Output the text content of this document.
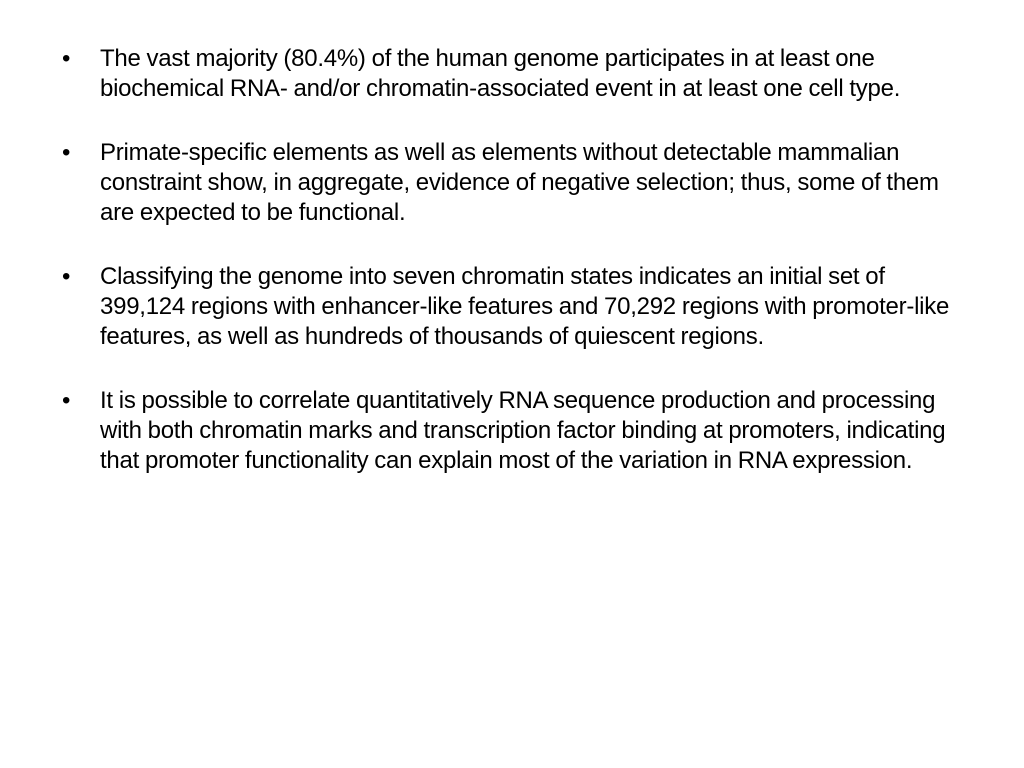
•	The vast majority (80.4%) of the human genome participates in at least one biochemical RNA- and/or chromatin-associated event in at least one cell type.
•	Primate-specific elements as well as elements without detectable mammalian constraint show, in aggregate, evidence of negative selection; thus, some of them are expected to be functional.
•	Classifying the genome into seven chromatin states indicates an initial set of 399,124 regions with enhancer-like features and 70,292 regions with promoter-like features, as well as hundreds of thousands of quiescent regions.
•	It is possible to correlate quantitatively RNA sequence production and processing with both chromatin marks and transcription factor binding at promoters, indicating that promoter functionality can explain most of the variation in RNA expression.
